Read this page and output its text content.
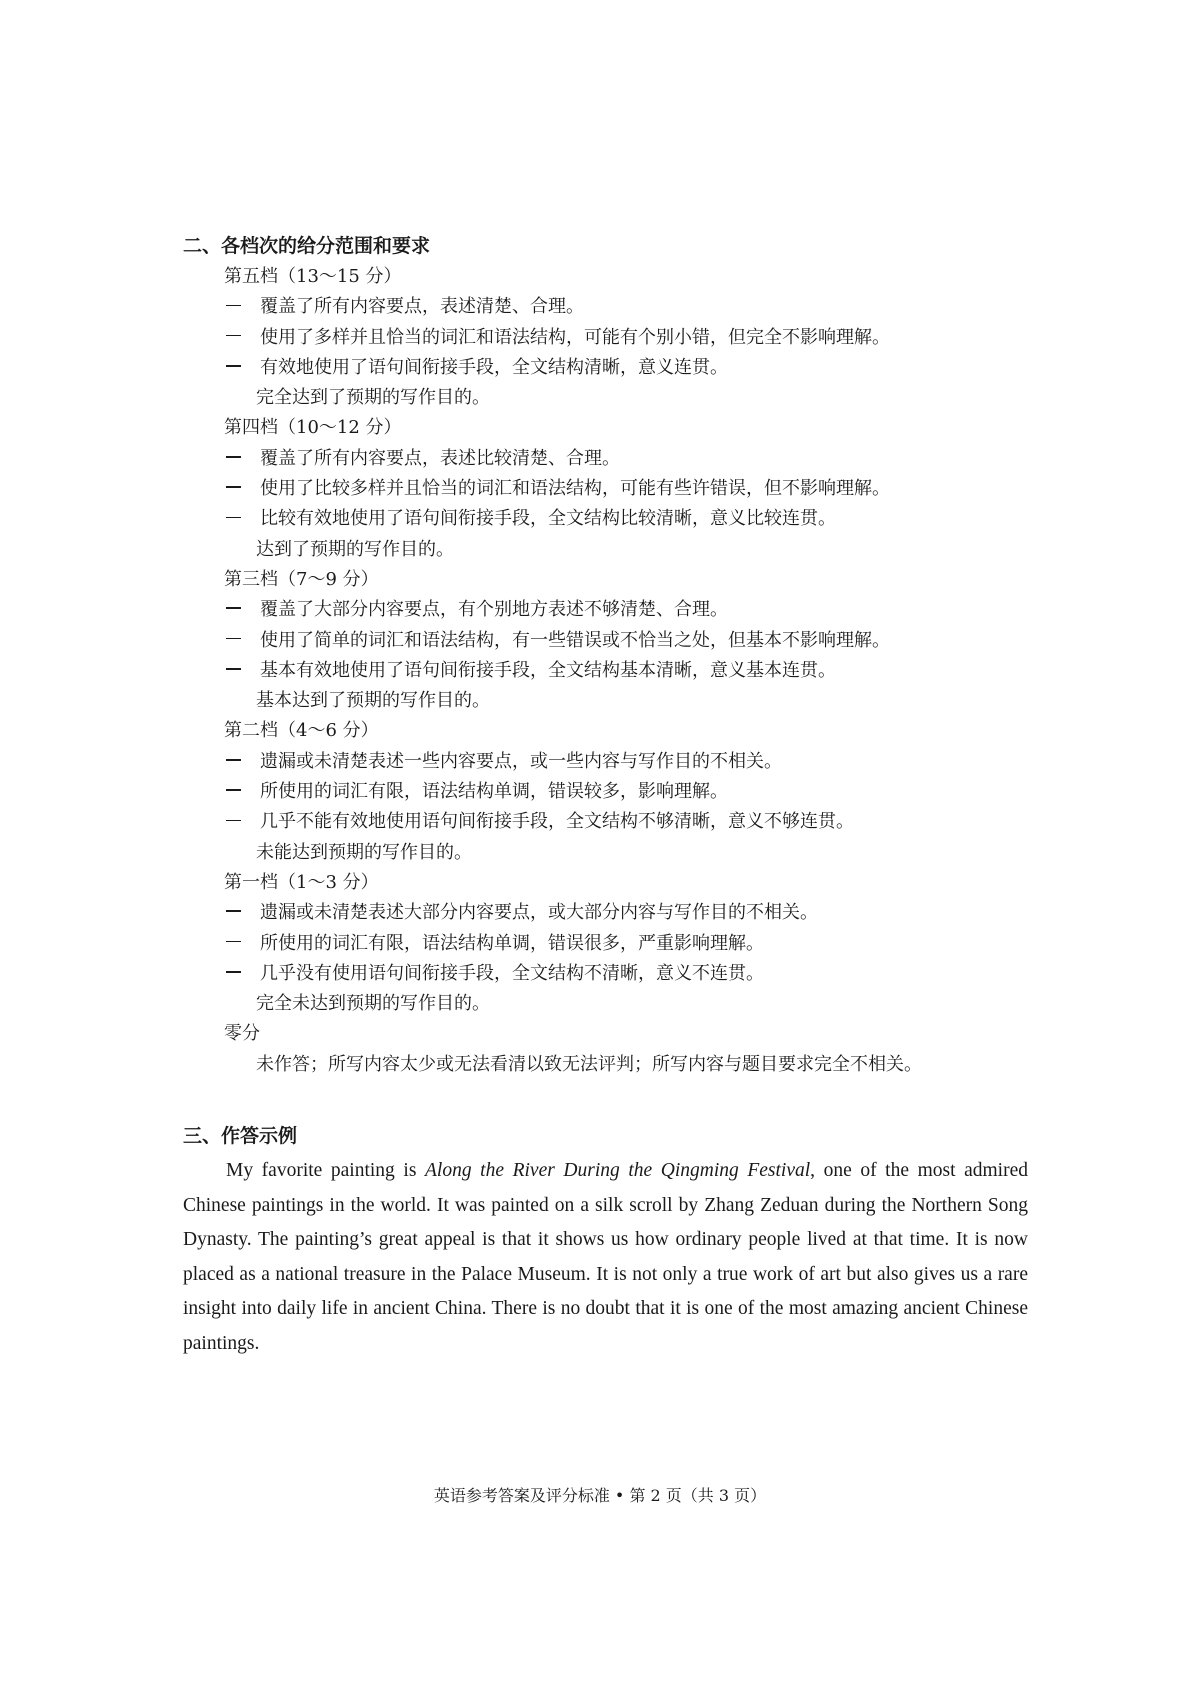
二、各档次的给分范围和要求
第五档（13～15 分）
覆盖了所有内容要点，表述清楚、合理。
使用了多样并且恰当的词汇和语法结构，可能有个别小错，但完全不影响理解。
有效地使用了语句间衔接手段，全文结构清晰，意义连贯。
完全达到了预期的写作目的。
第四档（10～12 分）
覆盖了所有内容要点，表述比较清楚、合理。
使用了比较多样并且恰当的词汇和语法结构，可能有些许错误，但不影响理解。
比较有效地使用了语句间衔接手段，全文结构比较清晰，意义比较连贯。
达到了预期的写作目的。
第三档（7～9 分）
覆盖了大部分内容要点，有个别地方表述不够清楚、合理。
使用了简单的词汇和语法结构，有一些错误或不恰当之处，但基本不影响理解。
基本有效地使用了语句间衔接手段，全文结构基本清晰，意义基本连贯。
基本达到了预期的写作目的。
第二档（4～6 分）
遗漏或未清楚表述一些内容要点，或一些内容与写作目的不相关。
所使用的词汇有限，语法结构单调，错误较多，影响理解。
几乎不能有效地使用语句间衔接手段，全文结构不够清晰，意义不够连贯。
未能达到预期的写作目的。
第一档（1～3 分）
遗漏或未清楚表述大部分内容要点，或大部分内容与写作目的不相关。
所使用的词汇有限，语法结构单调，错误很多，严重影响理解。
几乎没有使用语句间衔接手段，全文结构不清晰，意义不连贯。
完全未达到预期的写作目的。
零分
未作答；所写内容太少或无法看清以致无法评判；所写内容与题目要求完全不相关。
三、作答示例

My favorite painting is Along the River During the Qingming Festival, one of the most admired Chinese paintings in the world. It was painted on a silk scroll by Zhang Zeduan during the Northern Song Dynasty. The painting’s great appeal is that it shows us how ordinary people lived at that time. It is now placed as a national treasure in the Palace Museum. It is not only a true work of art but also gives us a rare insight into daily life in ancient China. There is no doubt that it is one of the most amazing ancient Chinese paintings.

英语参考答案及评分标准 • 第 2 页（共 3 页）
